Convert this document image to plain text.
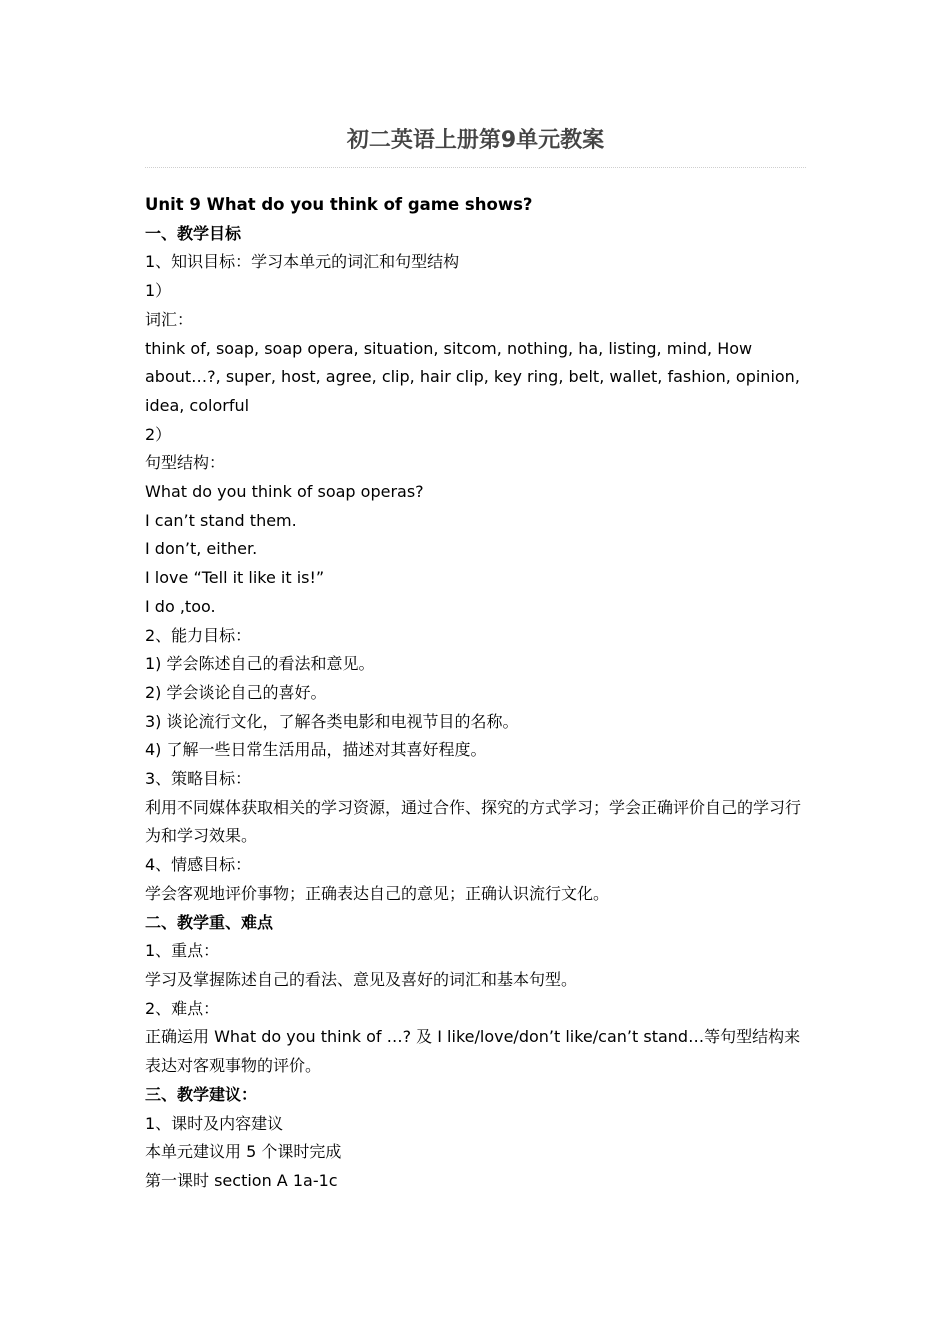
初二英语上册第9单元教案
Unit 9 What do you think of game shows?
一、教学目标
1、知识目标：学习本单元的词汇和句型结构
1）
词汇：
think of, soap, soap opera, situation, sitcom, nothing, ha, listing, mind, How about…?, super, host, agree, clip, hair clip, key ring, belt, wallet, fashion, opinion, idea, colorful
2）
句型结构：
What do you think of soap operas?
I can’t stand them.
I don’t, either.
I love “Tell it like it is!”
I do ,too.
2、能力目标：
1) 学会陈述自己的看法和意见。
2) 学会谈论自己的喜好。
3) 谈论流行文化，了解各类电影和电视节目的名称。
4) 了解一些日常生活用品，描述对其喜好程度。
3、策略目标：
利用不同媒体获取相关的学习资源，通过合作、探究的方式学习；学会正确评价自己的学习行为和学习效果。
4、情感目标：
学会客观地评价事物；正确表达自己的意见；正确认识流行文化。
二、教学重、难点
1、重点：
学习及掌握陈述自己的看法、意见及喜好的词汇和基本句型。
2、难点：
正确运用 What do you think of …? 及 I like/love/don’t like/can’t stand…等句型结构来表达对客观事物的评价。
三、教学建议：
1、课时及内容建议
本单元建议用 5 个课时完成
第一课时 section A 1a-1c
